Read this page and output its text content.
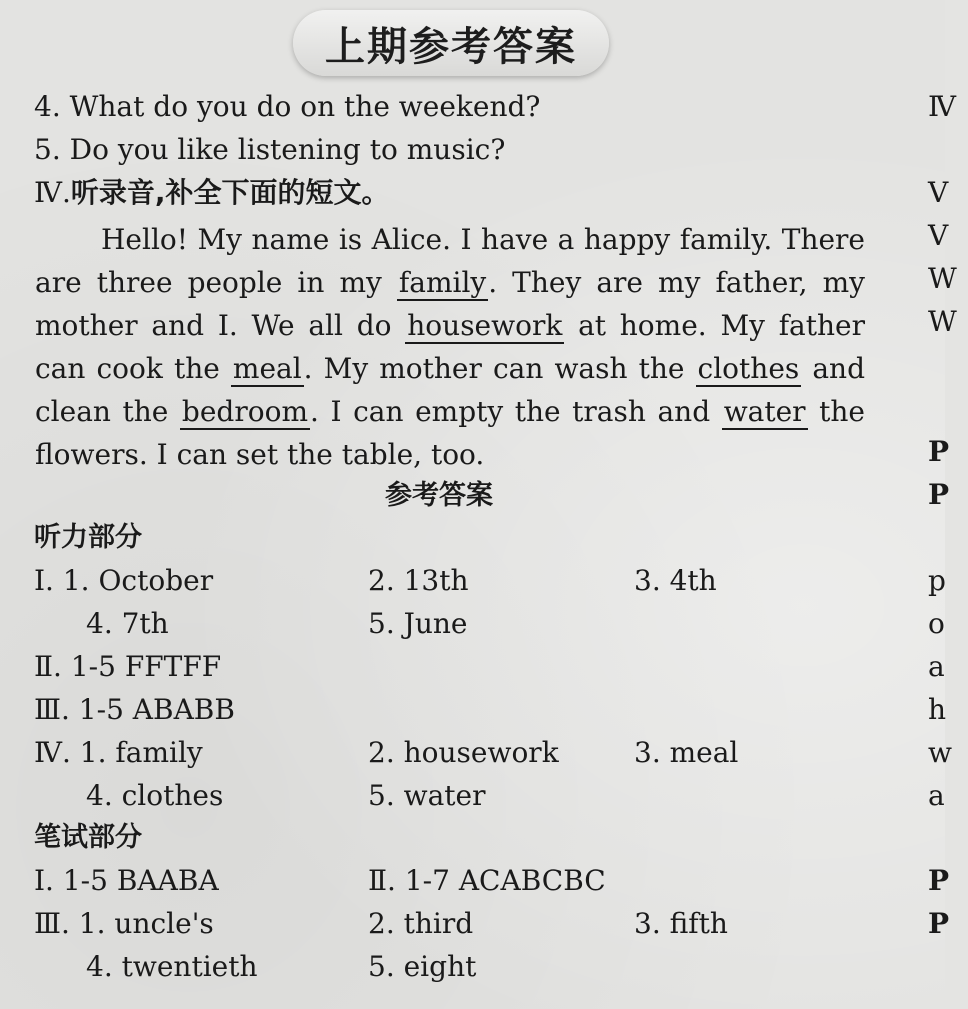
上期参考答案
4. What do you do on the weekend?
5. Do you like listening to music?
Ⅳ.听录音,补全下面的短文。

Hello! My name is Alice. I have a happy family. There are three people in my family. They are my father, my mother and I. We all do housework at home. My father can cook the meal. My mother can wash the clothes and clean the bedroom. I can empty the trash and water the flowers. I can set the table, too.

参考答案
听力部分
Ⅰ. 1. October	2. 13th	3. 4th
4. 7th	5. June
Ⅱ. 1-5 FFTFF
Ⅲ. 1-5 ABABB
Ⅳ. 1. family	2. housework	3. meal
4. clothes	5. water
笔试部分
Ⅰ. 1-5 BAABA	Ⅱ. 1-7 ACABCBC
Ⅲ. 1. uncle's	2. third	3. fifth
4. twentieth	5. eight
Ⅳ
V
V
W
W
P
P
p
o
a
h
w
a
P
P
